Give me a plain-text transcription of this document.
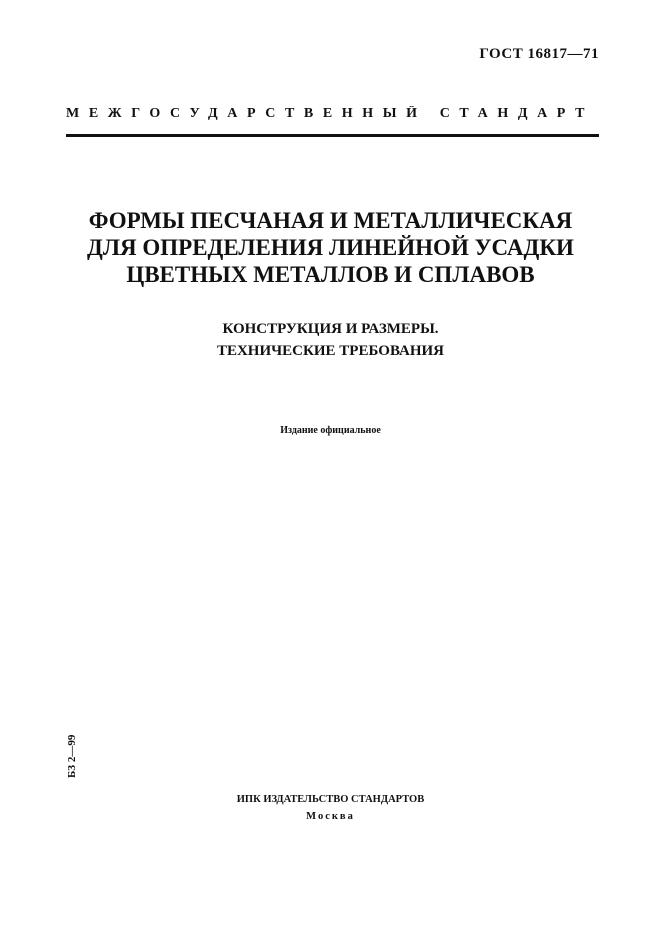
ГОСТ 16817—71
МЕЖГОСУДАРСТВЕННЫЙ СТАНДАРТ
ФОРМЫ ПЕСЧАНАЯ И МЕТАЛЛИЧЕСКАЯ
ДЛЯ ОПРЕДЕЛЕНИЯ ЛИНЕЙНОЙ УСАДКИ
ЦВЕТНЫХ МЕТАЛЛОВ И СПЛАВОВ
КОНСТРУКЦИЯ И РАЗМЕРЫ.
ТЕХНИЧЕСКИЕ ТРЕБОВАНИЯ
Издание официальное
БЗ 2—99
ИПК ИЗДАТЕЛЬСТВО СТАНДАРТОВ
Москва
